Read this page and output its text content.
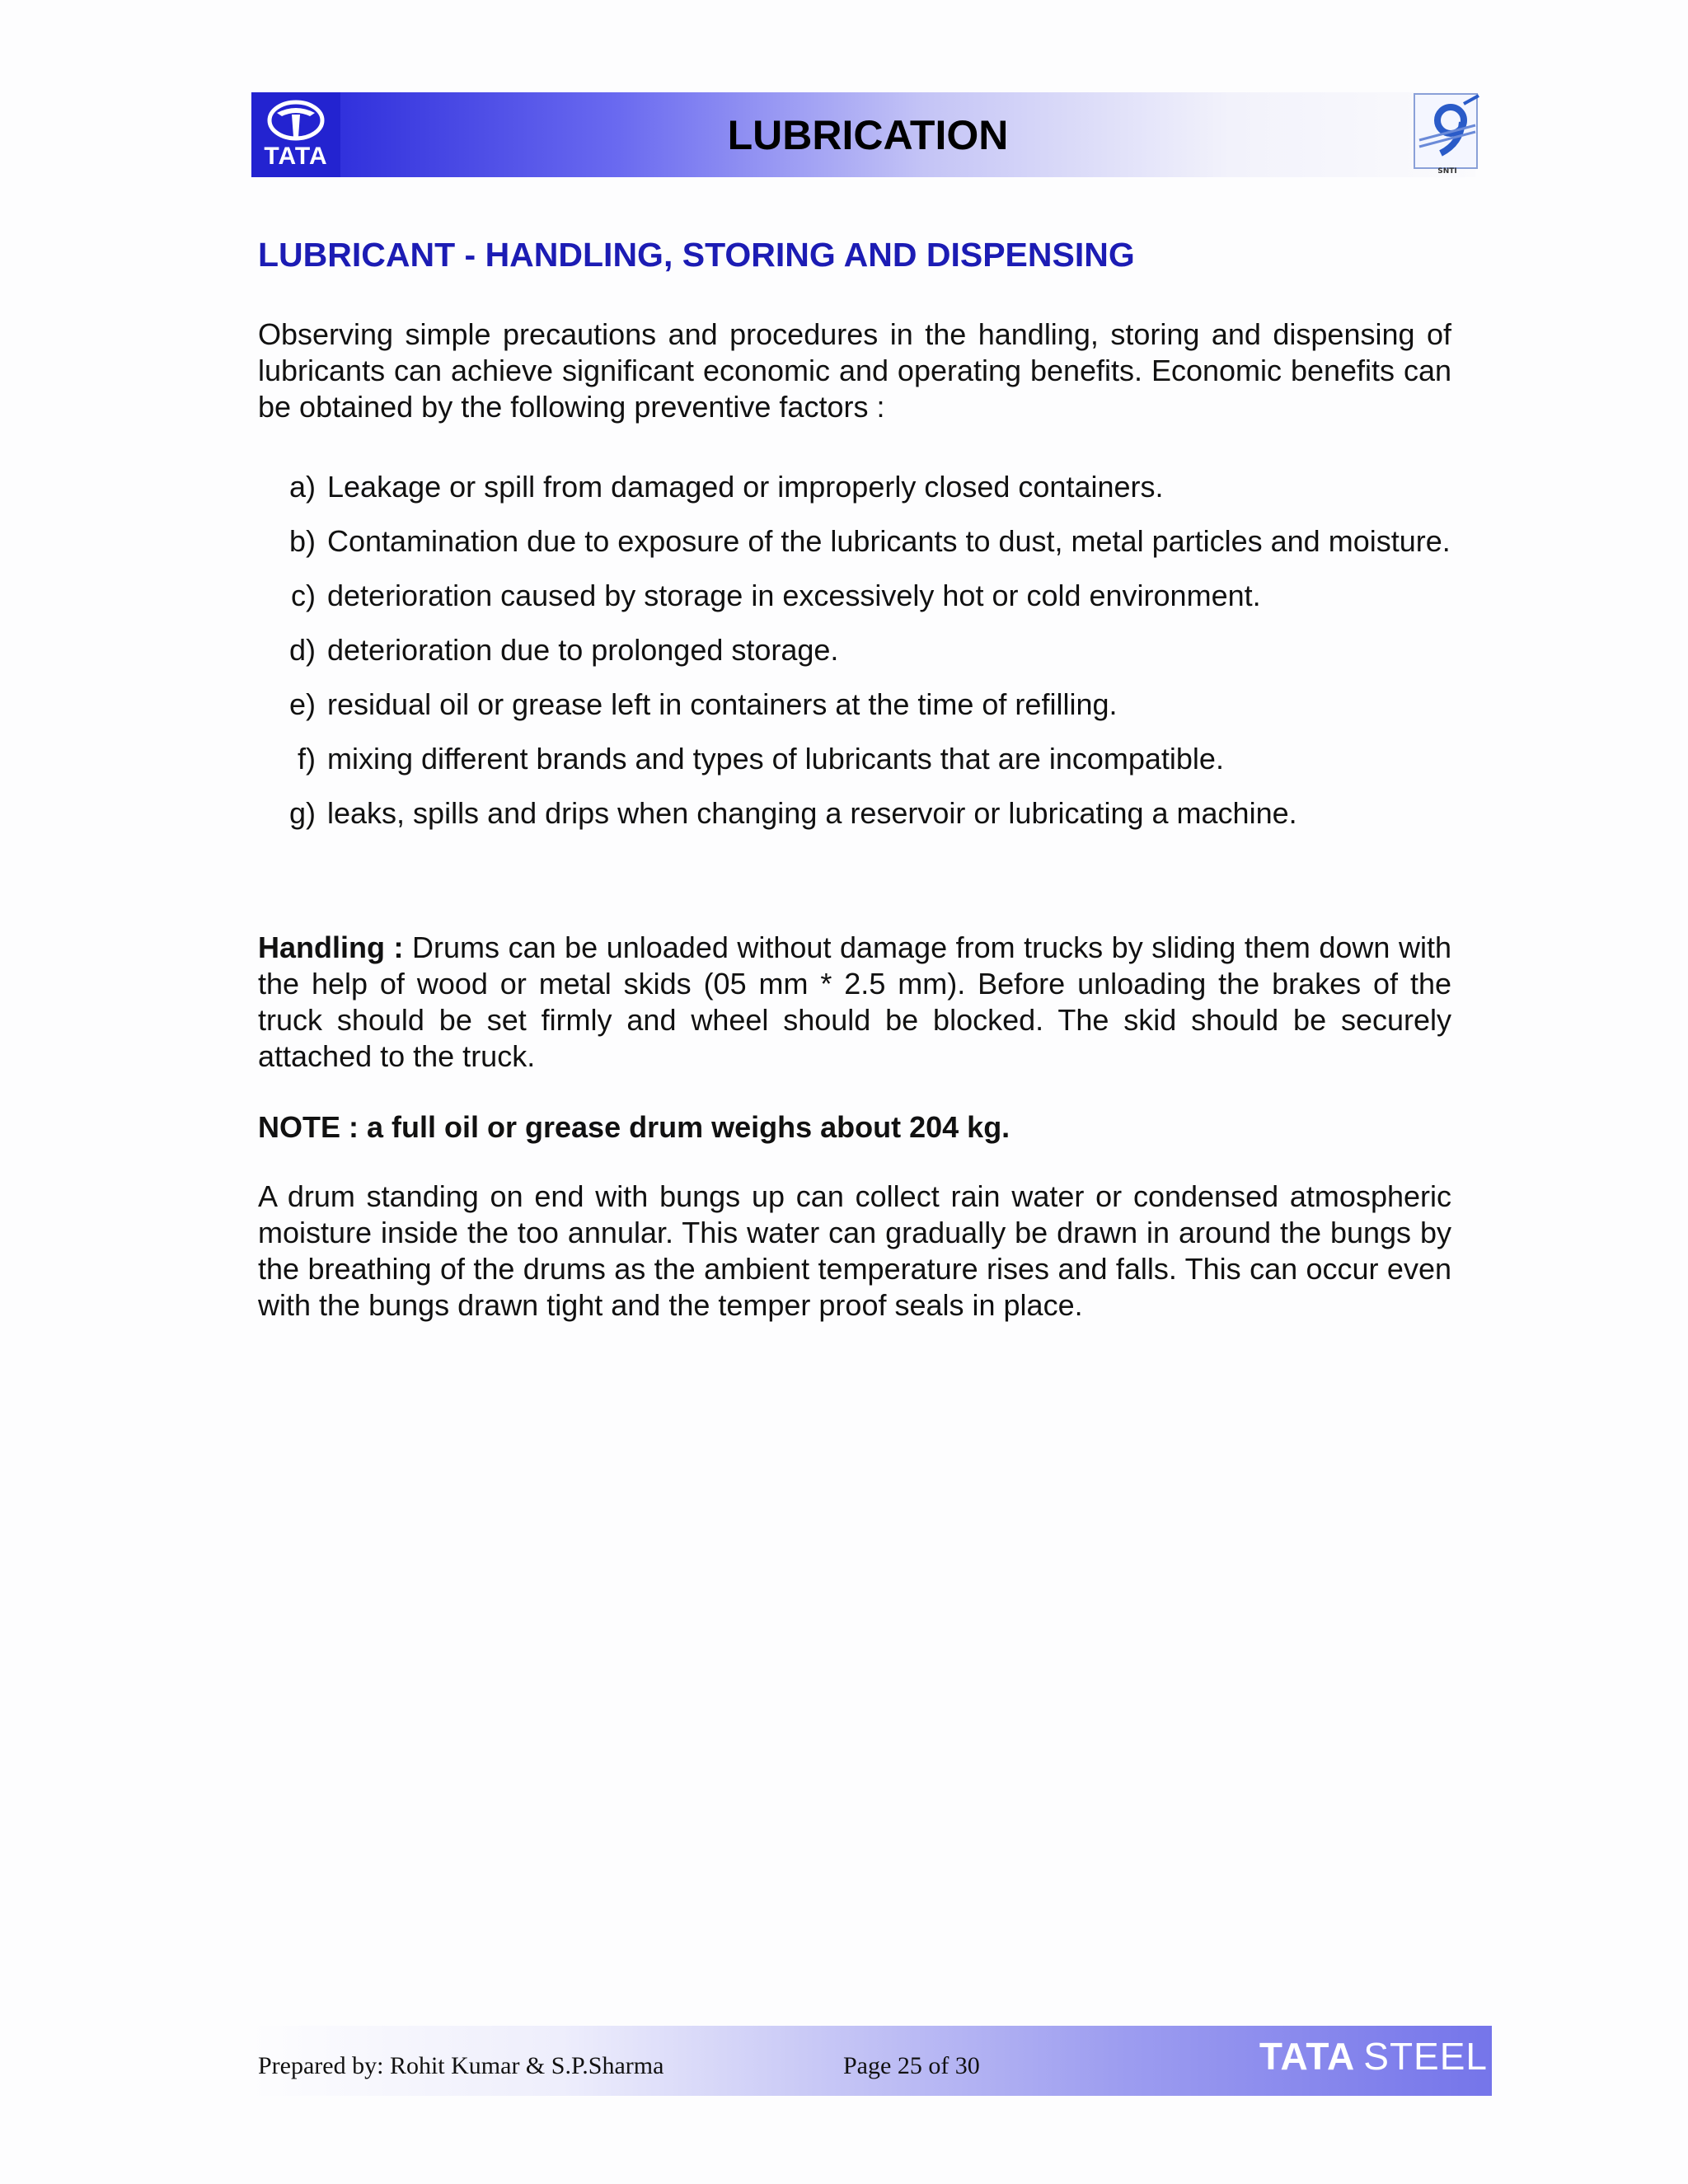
TATA	LUBRICATION
SNTI
LUBRICANT - HANDLING, STORING AND DISPENSING
Observing simple precautions and procedures in the handling, storing and dispensing of lubricants can achieve significant economic and operating benefits. Economic benefits can be obtained by the following preventive factors :
a) Leakage or spill from damaged or improperly closed containers.
b) Contamination due to exposure of the lubricants to dust, metal particles and moisture.
c) deterioration caused by storage in excessively hot or cold environment.
d) deterioration due to prolonged storage.
e) residual oil or grease left in containers at the time of refilling.
f) mixing different brands and types of lubricants that are incompatible.
g) leaks, spills and drips when changing a reservoir or lubricating a machine.
Handling : Drums can be unloaded without damage from trucks by sliding them down with the help of wood or metal skids (05 mm * 2.5 mm). Before unloading the brakes of the truck should be set firmly and wheel should be blocked. The skid should be securely attached to the truck.
NOTE : a full oil or grease drum weighs about 204 kg.
A drum standing on end with bungs up can collect rain water or condensed atmospheric moisture inside the too annular. This water can gradually be drawn in around the bungs by the breathing of the drums as the ambient temperature rises and falls. This can occur even with the bungs drawn tight and the temper proof seals in place.
Prepared by: Rohit Kumar & S.P.Sharma	Page 25 of 30	TATA STEEL
